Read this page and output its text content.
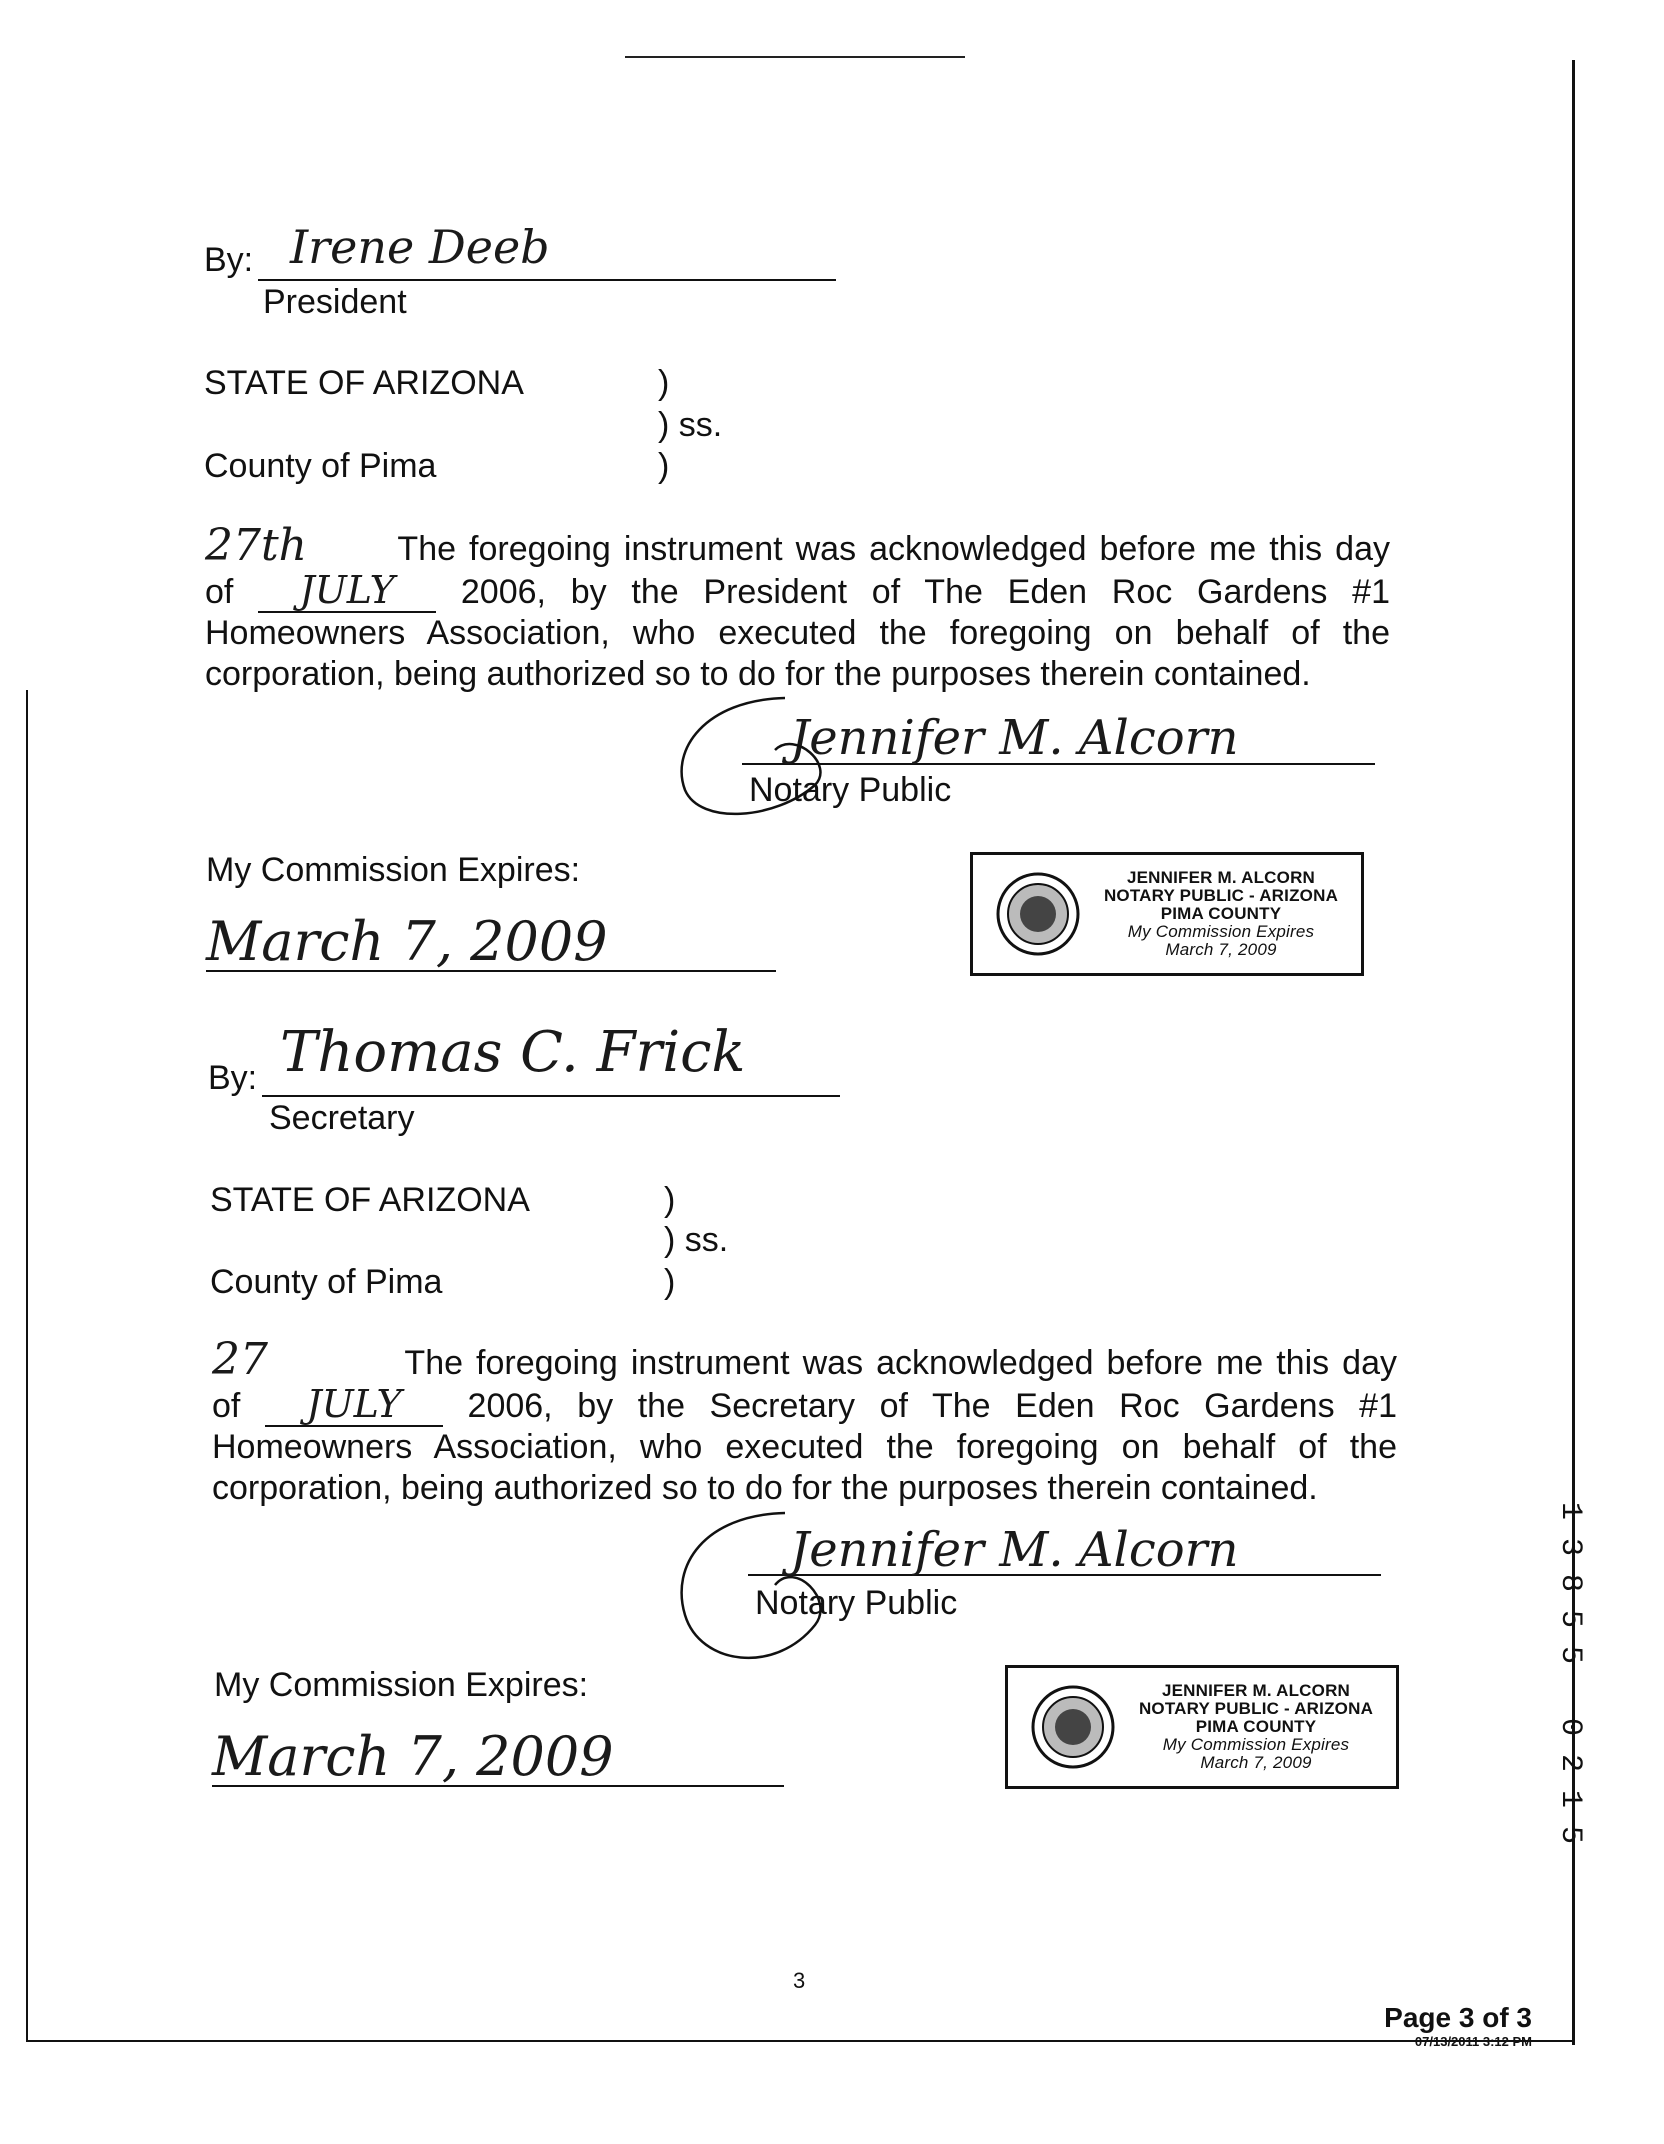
By: Irene Deeb
President
STATE OF ARIZONA	)
) ss.
County of Pima	)
27th	The foregoing instrument was acknowledged before me this day of JULY 2006, by the President of The Eden Roc Gardens #1 Homeowners Association, who executed the foregoing on behalf of the corporation, being authorized so to do for the purposes therein contained.
Jennifer M. Alcorn
Notary Public
My Commission Expires:
March 7, 2009
JENNIFER M. ALCORN
NOTARY PUBLIC - ARIZONA
PIMA COUNTY
My Commission Expires
March 7, 2009
By: Thomas C. Frick
Secretary
STATE OF ARIZONA	)
) ss.
County of Pima	)
27	The foregoing instrument was acknowledged before me this day of JULY 2006, by the Secretary of The Eden Roc Gardens #1 Homeowners Association, who executed the foregoing on behalf of the corporation, being authorized so to do for the purposes therein contained.
Jennifer M. Alcorn
Notary Public
My Commission Expires:
March 7, 2009
JENNIFER M. ALCORN
NOTARY PUBLIC - ARIZONA
PIMA COUNTY
My Commission Expires
March 7, 2009	1 3 8 5 5   0 2 1 5
3
Page 3 of 3
07/13/2011 3:12 PM
